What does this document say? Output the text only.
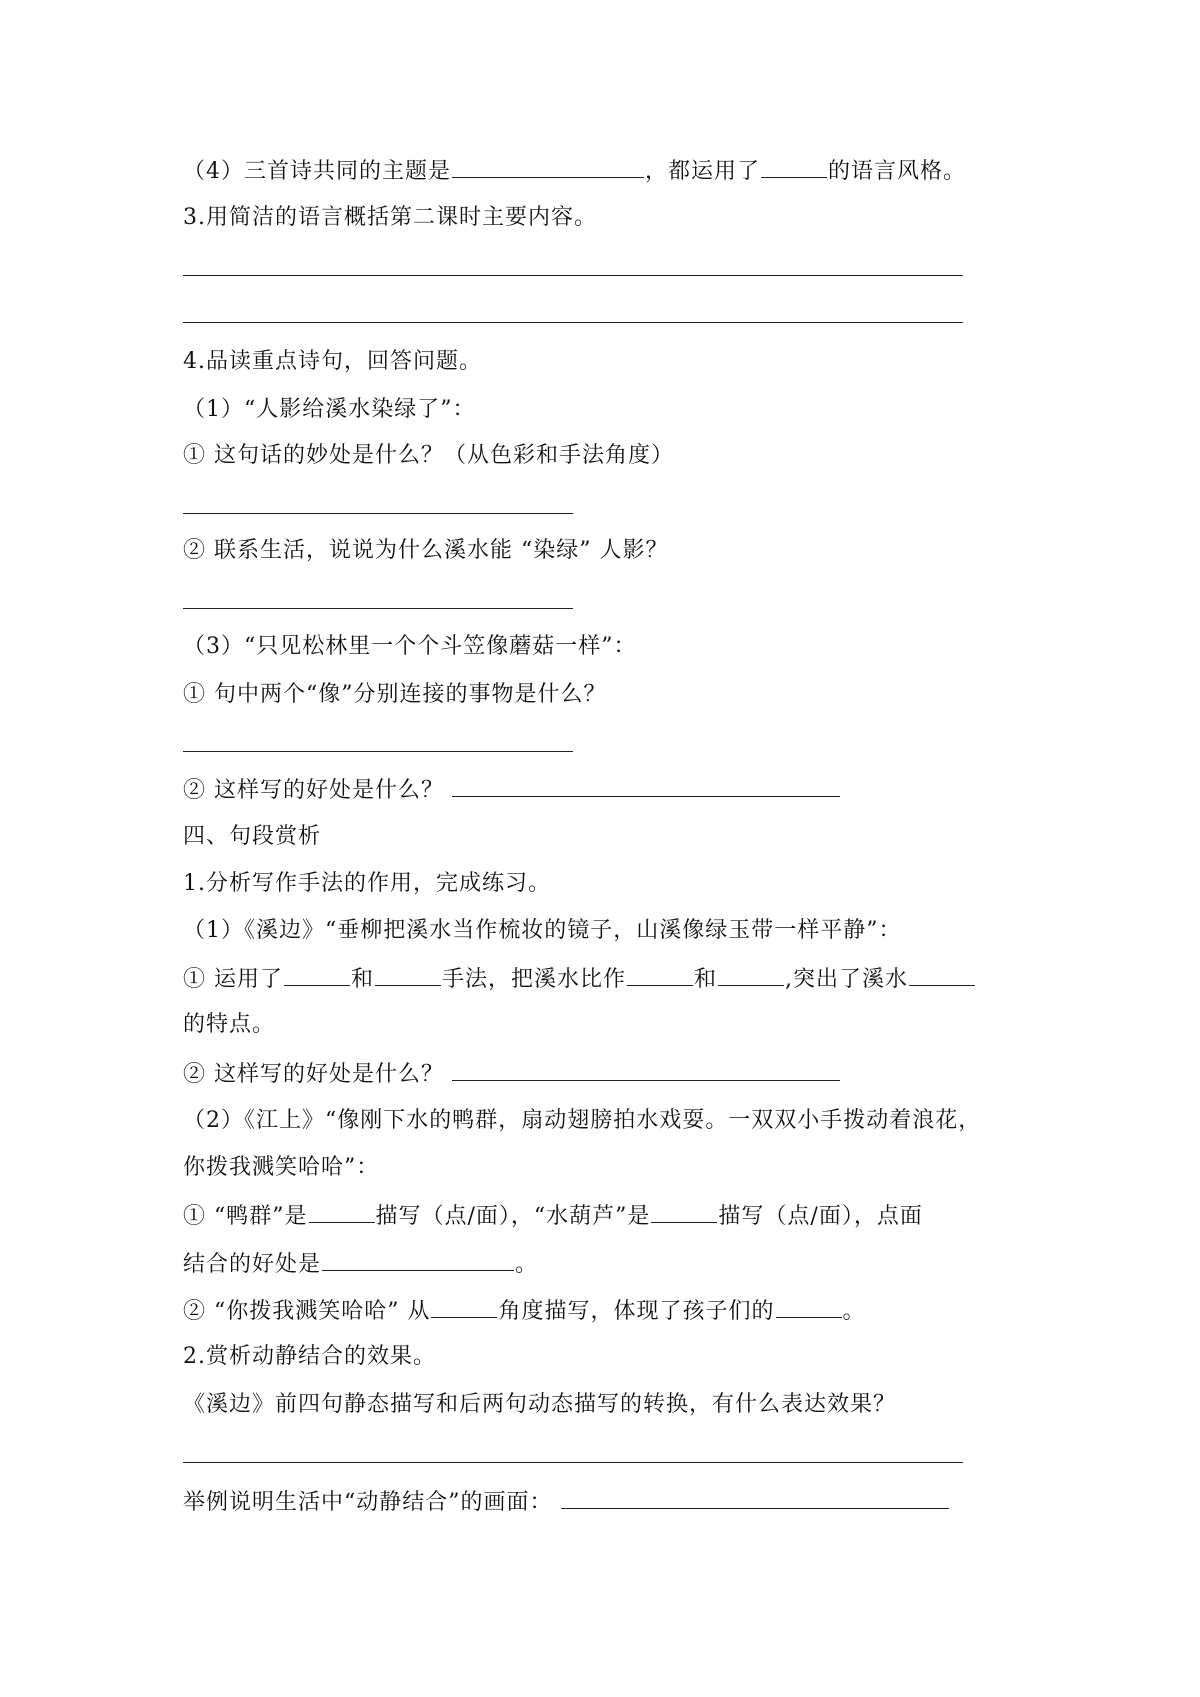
（4）三首诗共同的主题是	，都运用了	的语言风格。
3.用简洁的语言概括第二课时主要内容。
4.品读重点诗句，回答问题。
（1）“人影给溪水染绿了”：
① 这句话的妙处是什么？（从色彩和手法角度）
② 联系生活，说说为什么溪水能 “染绿” 人影？
（3）“只见松林里一个个斗笠像蘑菇一样”：
① 句中两个“像”分别连接的事物是什么？
② 这样写的好处是什么？
四、句段赏析
1.分析写作手法的作用，完成练习。
（1）《溪边》“垂柳把溪水当作梳妆的镜子，山溪像绿玉带一样平静”：
① 运用了	和	手法，把溪水比作	和	,突出了溪水
的特点。
② 这样写的好处是什么？
（2）《江上》“像刚下水的鸭群，扇动翅膀拍水戏耍。一双双小手拨动着浪花，
你拨我溅笑哈哈”：
① “鸭群”是	描写（点/面），“水葫芦”是	描写（点/面），点面
结合的好处是	。
② “你拨我溅笑哈哈” 从	角度描写，体现了孩子们的	。
2.赏析动静结合的效果。
《溪边》前四句静态描写和后两句动态描写的转换，有什么表达效果？
举例说明生活中“动静结合”的画面：
